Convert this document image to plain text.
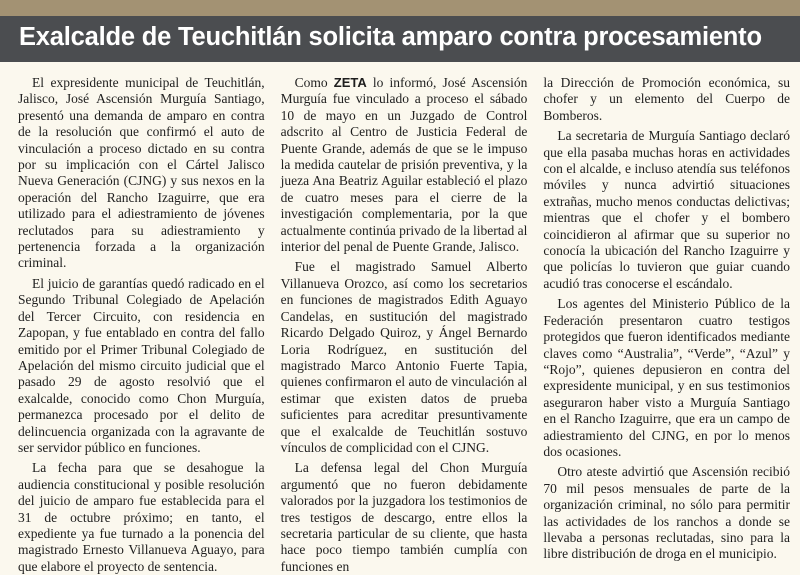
Exalcalde de Teuchitlán solicita amparo contra procesamiento

El expresidente municipal de Teuchitlán, Jalisco, José Ascensión Murguía Santiago, presentó una demanda de amparo en contra de la resolución que confirmó el auto de vinculación a proceso dictado en su contra por su implicación con el Cártel Jalisco Nueva Generación (CJNG) y sus nexos en la operación del Rancho Izaguirre, que era utilizado para el adiestramiento de jóvenes reclutados para su adiestramiento y pertenencia forzada a la organización criminal.

El juicio de garantías quedó radicado en el Segundo Tribunal Colegiado de Apelación del Tercer Circuito, con residencia en Zapopan, y fue entablado en contra del fallo emitido por el Primer Tribunal Colegiado de Apelación del mismo circuito judicial que el pasado 29 de agosto resolvió que el exalcalde, conocido como Chon Murguía, permanezca procesado por el delito de delincuencia organizada con la agravante de ser servidor público en funciones.

La fecha para que se desahogue la audiencia constitucional y posible resolución del juicio de amparo fue establecida para el 31 de octubre próximo; en tanto, el expediente ya fue turnado a la ponencia del magistrado Ernesto Villanueva Aguayo, para que elabore el proyecto de sentencia.

Como ZETA lo informó, José Ascensión Murguía fue vinculado a proceso el sábado 10 de mayo en un Juzgado de Control adscrito al Centro de Justicia Federal de Puente Grande, además de que se le impuso la medida cautelar de prisión preventiva, y la jueza Ana Beatriz Aguilar estableció el plazo de cuatro meses para el cierre de la investigación complementaria, por la que actualmente continúa privado de la libertad al interior del penal de Puente Grande, Jalisco.

Fue el magistrado Samuel Alberto Villanueva Orozco, así como los secretarios en funciones de magistrados Edith Aguayo Candelas, en sustitución del magistrado Ricardo Delgado Quiroz, y Ángel Bernardo Loria Rodríguez, en sustitución del magistrado Marco Antonio Fuerte Tapia, quienes confirmaron el auto de vinculación al estimar que existen datos de prueba suficientes para acreditar presuntivamente que el exalcalde de Teuchitlán sostuvo vínculos de complicidad con el CJNG.

La defensa legal del Chon Murguía argumentó que no fueron debidamente valorados por la juzgadora los testimonios de tres testigos de descargo, entre ellos la secretaria particular de su cliente, que hasta hace poco tiempo también cumplía con funciones en

la Dirección de Promoción económica, su chofer y un elemento del Cuerpo de Bomberos.

La secretaria de Murguía Santiago declaró que ella pasaba muchas horas en actividades con el alcalde, e incluso atendía sus teléfonos móviles y nunca advirtió situaciones extrañas, mucho menos conductas delictivas; mientras que el chofer y el bombero coincidieron al afirmar que su superior no conocía la ubicación del Rancho Izaguirre y que policías lo tuvieron que guiar cuando acudió tras conocerse el escándalo.

Los agentes del Ministerio Público de la Federación presentaron cuatro testigos protegidos que fueron identificados mediante claves como “Australia”, “Verde”, “Azul” y “Rojo”, quienes depusieron en contra del expresidente municipal, y en sus testimonios aseguraron haber visto a Murguía Santiago en el Rancho Izaguirre, que era un campo de adiestramiento del CJNG, en por lo menos dos ocasiones.

Otro ateste advirtió que Ascensión recibió 70 mil pesos mensuales de parte de la organización criminal, no sólo para permitir las actividades de los ranchos a donde se llevaba a personas reclutadas, sino para la libre distribución de droga en el municipio.
